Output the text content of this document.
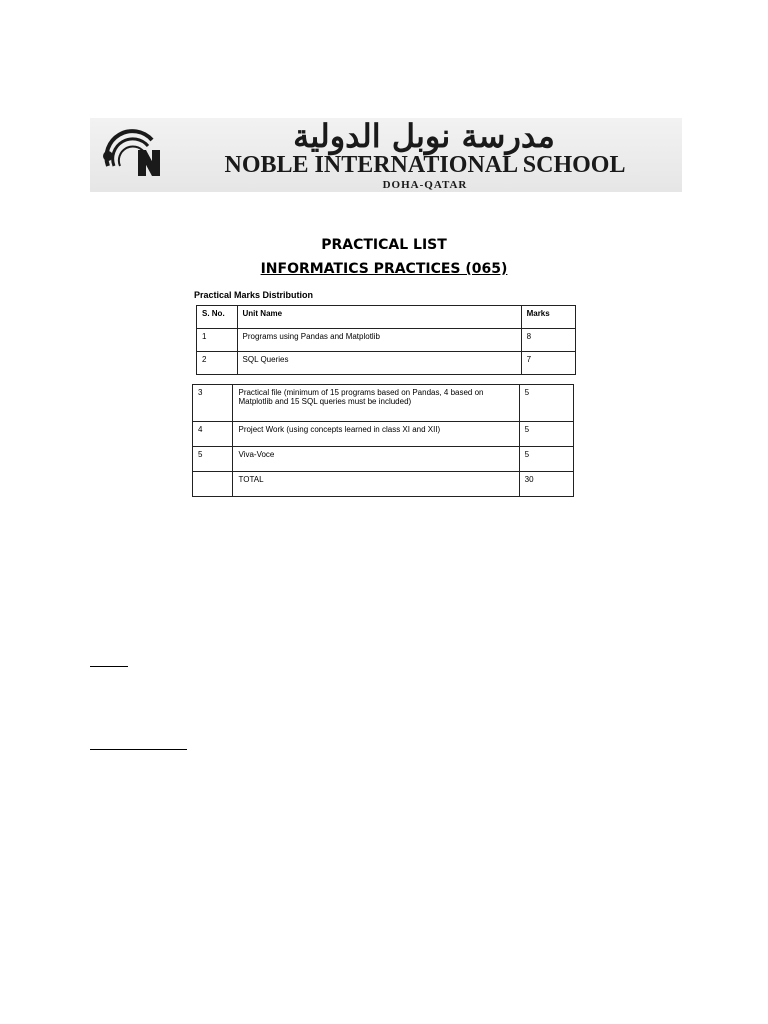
مدرسة نوبل الدولية
NOBLE INTERNATIONAL SCHOOL
DOHA-QATAR
PRACTICAL LIST
INFORMATICS PRACTICES (065)
Practical Marks Distribution
S. No.	Unit Name	Marks
1	Programs using Pandas and Matplotlib	8
2	SQL Queries	7
3	Practical file (minimum of 15 programs based on Pandas, 4 based on Matplotlib and 15 SQL queries must be included)	5
4	Project Work (using concepts learned in class XI and XII)	5
5	Viva-Voce	5
	TOTAL	30
